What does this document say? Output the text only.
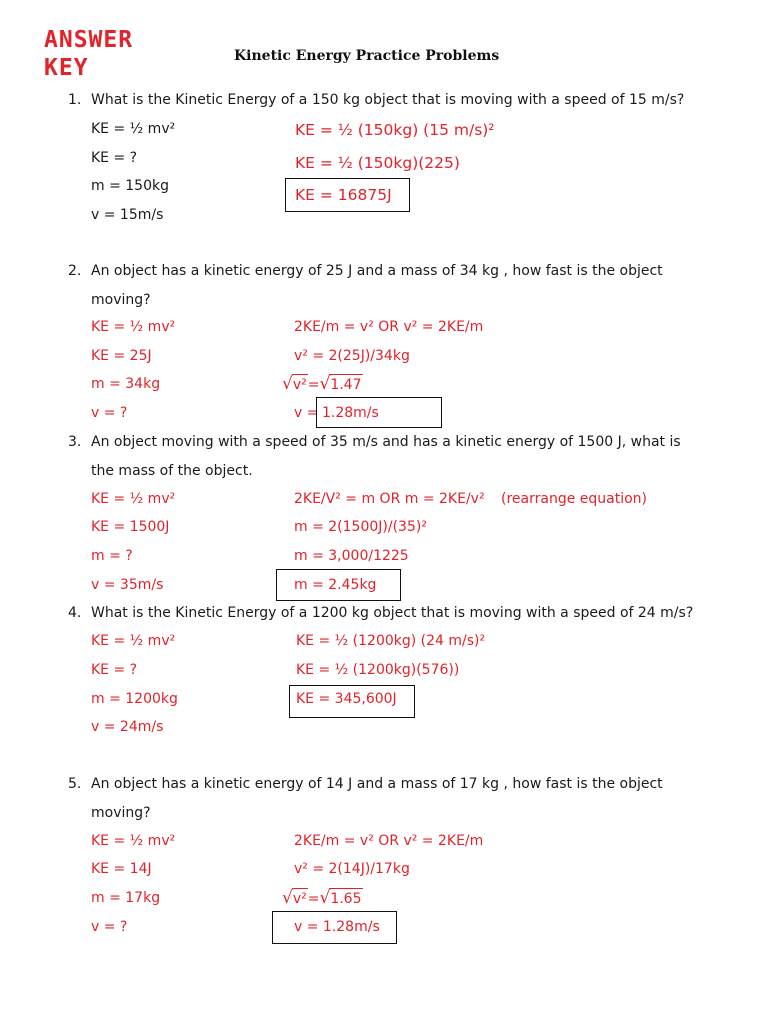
ANSWER
KEY	Kinetic Energy Practice Problems
1. What is the Kinetic Energy of a 150 kg object that is moving with a speed of 15 m/s?
KE = ½ mv²
KE = ?
m = 150kg
v = 15m/s
KE = ½ (150kg) (15 m/s)²
KE = ½ (150kg)(225)
KE = 16875J
2. An object has a kinetic energy of 25 J and a mass of 34 kg , how fast is the object
moving?
KE = ½ mv²
KE = 25J
m = 34kg
v = ?
2KE/m = v² OR v² = 2KE/m
v² = 2(25J)/34kg
√v²=√1.47
v = 1.28m/s
3. An object moving with a speed of 35 m/s and has a kinetic energy of 1500 J, what is
the mass of the object.
KE = ½ mv²
KE = 1500J
m = ?
v = 35m/s
2KE/V² = m OR m = 2KE/v² (rearrange equation)
m = 2(1500J)/(35)²
m = 3,000/1225
m = 2.45kg
4. What is the Kinetic Energy of a 1200 kg object that is moving with a speed of 24 m/s?
KE = ½ mv²
KE = ?
m = 1200kg
v = 24m/s
KE = ½ (1200kg) (24 m/s)²
KE = ½ (1200kg)(576))
KE = 345,600J
5. An object has a kinetic energy of 14 J and a mass of 17 kg , how fast is the object
moving?
KE = ½ mv²
KE = 14J
m = 17kg
v = ?
2KE/m = v² OR v² = 2KE/m
v² = 2(14J)/17kg
√v²=√1.65
v = 1.28m/s
